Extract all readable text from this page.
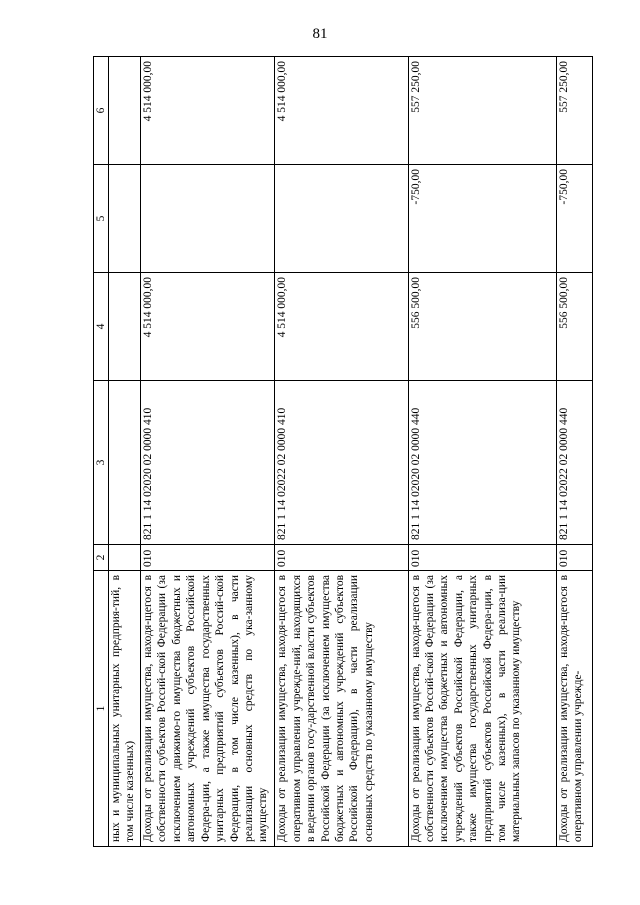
81
1	2	3	4	5	6
ных и муниципальных унитарных предприя-тий, в том числе казенных)					
Доходы от реализации имущества, находя-щегося в собственности субъектов Россий-ской Федерации (за исключением движимо-го имущества бюджетных и автономных учреждений субъектов Российской Федера-ции, а также имущества государственных унитарных предприятий субъектов Россий-ской Федерации, в том числе казенных), в части реализации основных средств по ука-занному имуществу	010	821 1 14 02020 02 0000 410	4 514 000,00		4 514 000,00
Доходы от реализации имущества, находя-щегося в оперативном управлении учрежде-ний, находящихся в ведении органов госу-дарственной власти субъектов Российской Федерации (за исключением имущества бюджетных и автономных учреждений субъектов Российской Федерации), в части реализации основных средств по указанному имуществу	010	821 1 14 02022 02 0000 410	4 514 000,00		4 514 000,00
Доходы от реализации имущества, находя-щегося в собственности субъектов Россий-ской Федерации (за исключением имущества бюджетных и автономных учреждений субъектов Российской Федерации, а также имущества государственных унитарных предприятий субъектов Российской Федера-ции, в том числе казенных), в части реализа-ции материальных запасов по указанному имуществу	010	821 1 14 02020 02 0000 440	556 500,00	-750,00	557 250,00
Доходы от реализации имущества, находя-щегося в оперативном управлении учрежде-	010	821 1 14 02022 02 0000 440	556 500,00	-750,00	557 250,00
